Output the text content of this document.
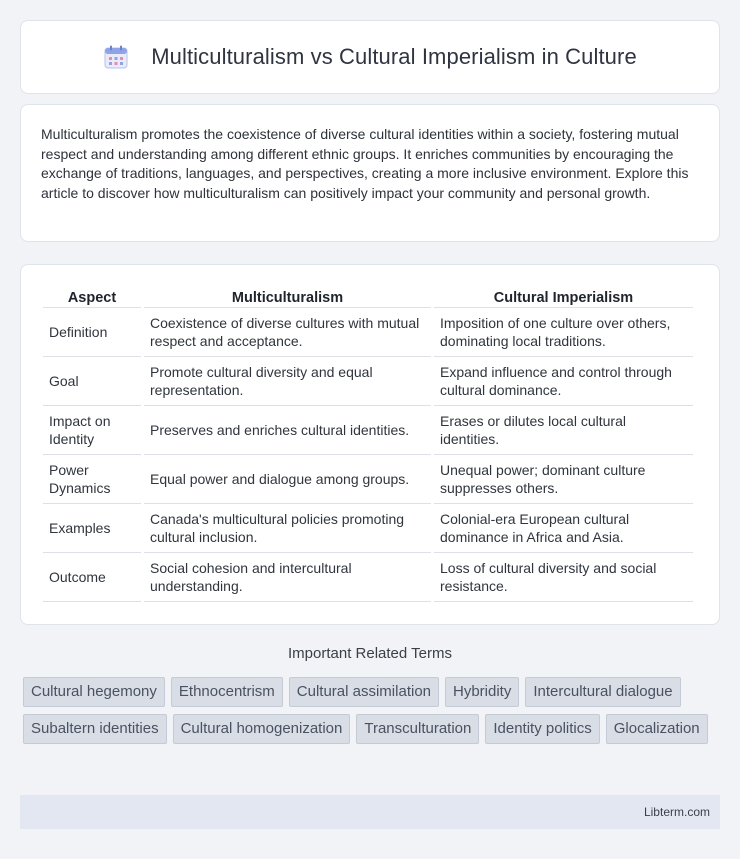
Multiculturalism vs Cultural Imperialism in Culture

Multiculturalism promotes the coexistence of diverse cultural identities within a society, fostering mutual respect and understanding among different ethnic groups. It enriches communities by encouraging the exchange of traditions, languages, and perspectives, creating a more inclusive environment. Explore this article to discover how multiculturalism can positively impact your community and personal growth.

Aspect	Multiculturalism	Cultural Imperialism
Definition	Coexistence of diverse cultures with mutual respect and acceptance.	Imposition of one culture over others, dominating local traditions.
Goal	Promote cultural diversity and equal representation.	Expand influence and control through cultural dominance.
Impact on Identity	Preserves and enriches cultural identities.	Erases or dilutes local cultural identities.
Power Dynamics	Equal power and dialogue among groups.	Unequal power; dominant culture suppresses others.
Examples	Canada's multicultural policies promoting cultural inclusion.	Colonial-era European cultural dominance in Africa and Asia.
Outcome	Social cohesion and intercultural understanding.	Loss of cultural diversity and social resistance.
Important Related Terms
Cultural hegemony	Ethnocentrism	Cultural assimilation	Hybridity	Intercultural dialogue
Subaltern identities	Cultural homogenization	Transculturation	Identity politics	Glocalization
Libterm.com
